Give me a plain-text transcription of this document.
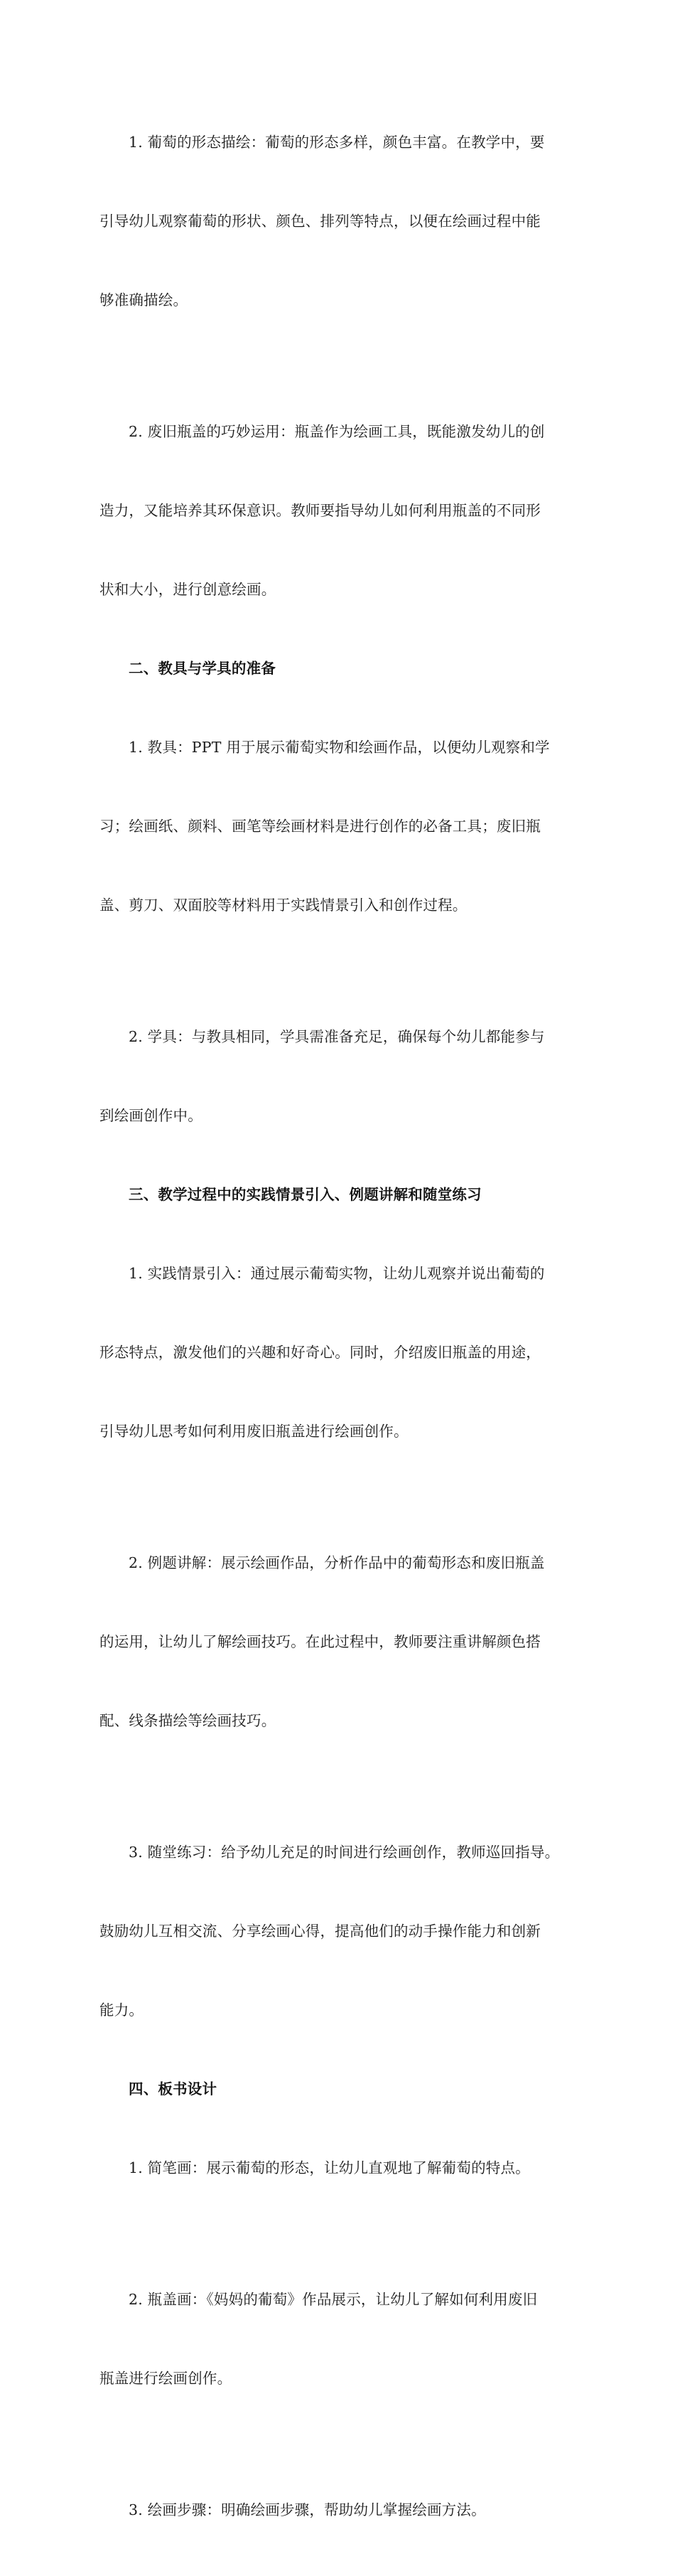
1. 葡萄的形态描绘：葡萄的形态多样，颜色丰富。在教学中，要

引导幼儿观察葡萄的形状、颜色、排列等特点，以便在绘画过程中能

够准确描绘。

2. 废旧瓶盖的巧妙运用：瓶盖作为绘画工具，既能激发幼儿的创

造力，又能培养其环保意识。教师要指导幼儿如何利用瓶盖的不同形

状和大小，进行创意绘画。

二、教具与学具的准备

1. 教具：PPT 用于展示葡萄实物和绘画作品，以便幼儿观察和学

习；绘画纸、颜料、画笔等绘画材料是进行创作的必备工具；废旧瓶

盖、剪刀、双面胶等材料用于实践情景引入和创作过程。

2. 学具：与教具相同，学具需准备充足，确保每个幼儿都能参与

到绘画创作中。

三、教学过程中的实践情景引入、例题讲解和随堂练习

1. 实践情景引入：通过展示葡萄实物，让幼儿观察并说出葡萄的

形态特点，激发他们的兴趣和好奇心。同时，介绍废旧瓶盖的用途，

引导幼儿思考如何利用废旧瓶盖进行绘画创作。

2. 例题讲解：展示绘画作品，分析作品中的葡萄形态和废旧瓶盖

的运用，让幼儿了解绘画技巧。在此过程中，教师要注重讲解颜色搭

配、线条描绘等绘画技巧。

3. 随堂练习：给予幼儿充足的时间进行绘画创作，教师巡回指导。

鼓励幼儿互相交流、分享绘画心得，提高他们的动手操作能力和创新

能力。

四、板书设计

1. 简笔画：展示葡萄的形态，让幼儿直观地了解葡萄的特点。

2. 瓶盖画：《妈妈的葡萄》作品展示，让幼儿了解如何利用废旧

瓶盖进行绘画创作。

3. 绘画步骤：明确绘画步骤，帮助幼儿掌握绘画方法。
